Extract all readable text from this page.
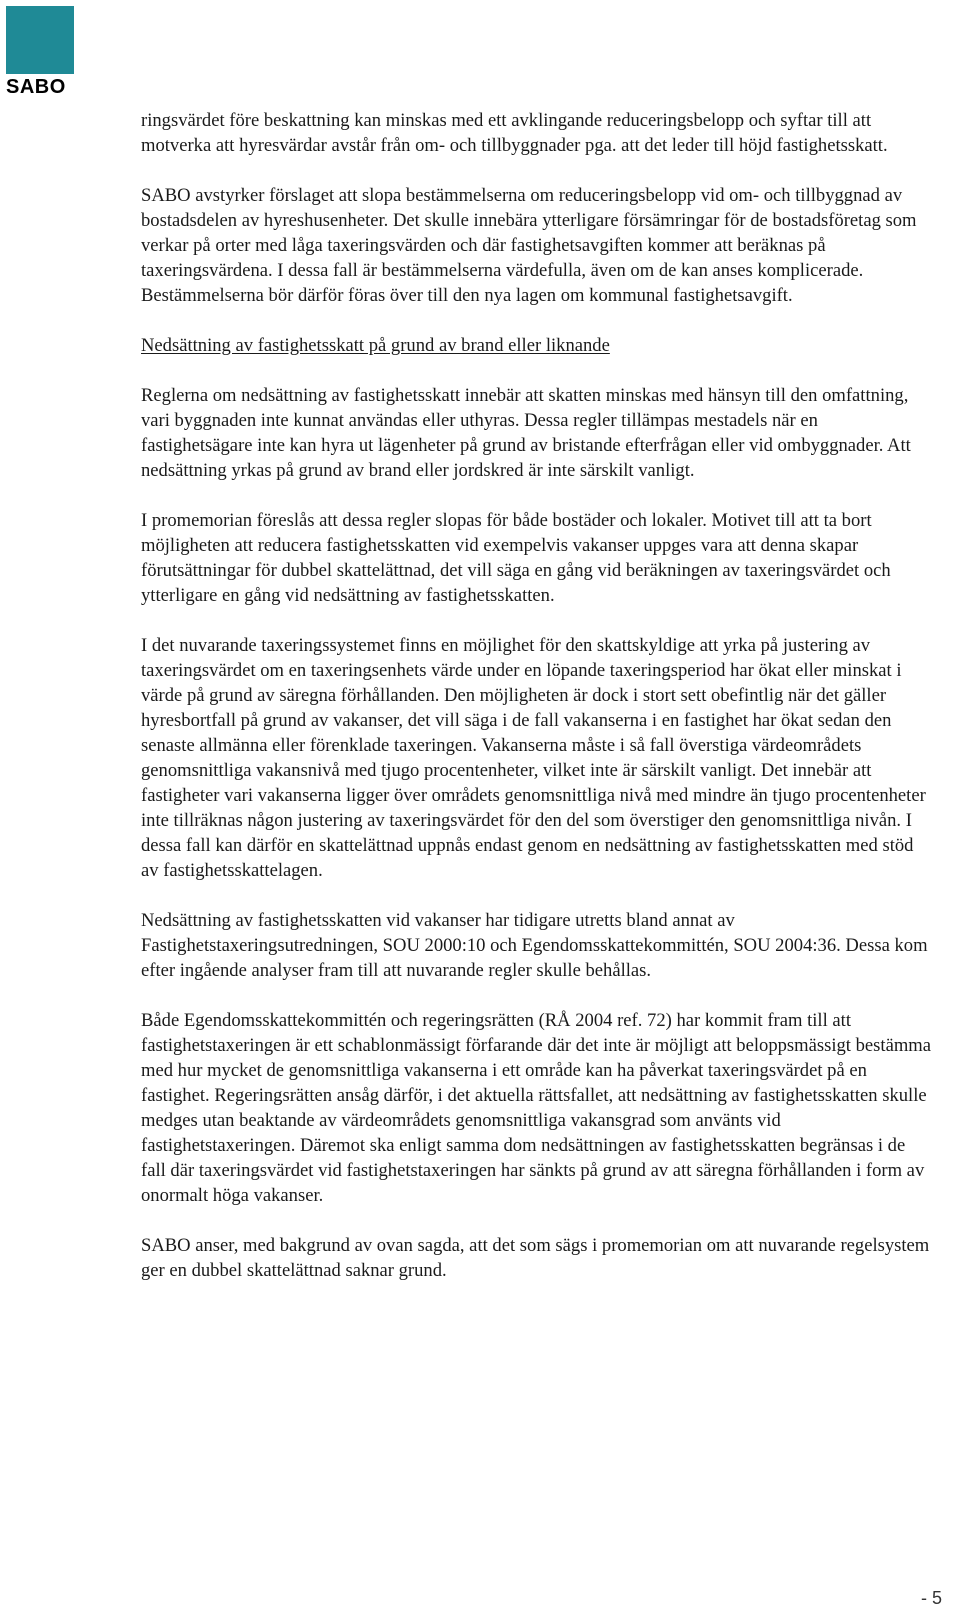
SABO

ringsvärdet före beskattning kan minskas med ett avklingande reduceringsbelopp och syftar till att motverka att hyresvärdar avstår från om- och tillbyggnader pga. att det leder till höjd fastighetsskatt.

SABO avstyrker förslaget att slopa bestämmelserna om reduceringsbelopp vid om- och tillbyggnad av bostadsdelen av hyreshusenheter. Det skulle innebära ytterligare försämringar för de bostadsföretag som verkar på orter med låga taxeringsvärden och där fastighetsavgiften kommer att beräknas på taxeringsvärdena. I dessa fall är bestämmelserna värdefulla, även om de kan anses komplicerade. Bestämmelserna bör därför föras över till den nya lagen om kommunal fastighetsavgift.

Nedsättning av fastighetsskatt på grund av brand eller liknande

Reglerna om nedsättning av fastighetsskatt innebär att skatten minskas med hänsyn till den omfattning, vari byggnaden inte kunnat användas eller uthyras. Dessa regler tillämpas mestadels när en fastighetsägare inte kan hyra ut lägenheter på grund av bristande efterfrågan eller vid ombyggnader. Att nedsättning yrkas på grund av brand eller jordskred är inte särskilt vanligt.

I promemorian föreslås att dessa regler slopas för både bostäder och lokaler. Motivet till att ta bort möjligheten att reducera fastighetsskatten vid exempelvis vakanser uppges vara att denna skapar förutsättningar för dubbel skattelättnad, det vill säga en gång vid beräkningen av taxeringsvärdet och ytterligare en gång vid nedsättning av fastighetsskatten.

I det nuvarande taxeringssystemet finns en möjlighet för den skattskyldige att yrka på justering av taxeringsvärdet om en taxeringsenhets värde under en löpande taxeringsperiod har ökat eller minskat i värde på grund av säregna förhållanden. Den möjligheten är dock i stort sett obefintlig när det gäller hyresbortfall på grund av vakanser, det vill säga i de fall vakanserna i en fastighet har ökat sedan den senaste allmänna eller förenklade taxeringen. Vakanserna måste i så fall överstiga värdeområdets genomsnittliga vakansnivå med tjugo procentenheter, vilket inte är särskilt vanligt. Det innebär att fastigheter vari vakanserna ligger över områdets genomsnittliga nivå med mindre än tjugo procentenheter inte tillräknas någon justering av taxeringsvärdet för den del som överstiger den genomsnittliga nivån. I dessa fall kan därför en skattelättnad uppnås endast genom en nedsättning av fastighetsskatten med stöd av fastighetsskattelagen.

Nedsättning av fastighetsskatten vid vakanser har tidigare utretts bland annat av Fastighetstaxeringsutredningen, SOU 2000:10 och Egendomsskattekommittén, SOU 2004:36. Dessa kom efter ingående analyser fram till att nuvarande regler skulle behållas.

Både Egendomsskattekommittén och regeringsrätten (RÅ 2004 ref. 72) har kommit fram till att fastighetstaxeringen är ett schablonmässigt förfarande där det inte är möjligt att beloppsmässigt bestämma med hur mycket de genomsnittliga vakanserna i ett område kan ha påverkat taxeringsvärdet på en fastighet. Regeringsrätten ansåg därför, i det aktuella rättsfallet, att nedsättning av fastighetsskatten skulle medges utan beaktande av värdeområdets genomsnittliga vakansgrad som använts vid fastighetstaxeringen. Däremot ska enligt samma dom nedsättningen av fastighetsskatten begränsas i de fall där taxeringsvärdet vid fastighetstaxeringen har sänkts på grund av att säregna förhållanden i form av onormalt höga vakanser.

SABO anser, med bakgrund av ovan sagda, att det som sägs i promemorian om att nuvarande regelsystem ger en dubbel skattelättnad saknar grund.

- 5
